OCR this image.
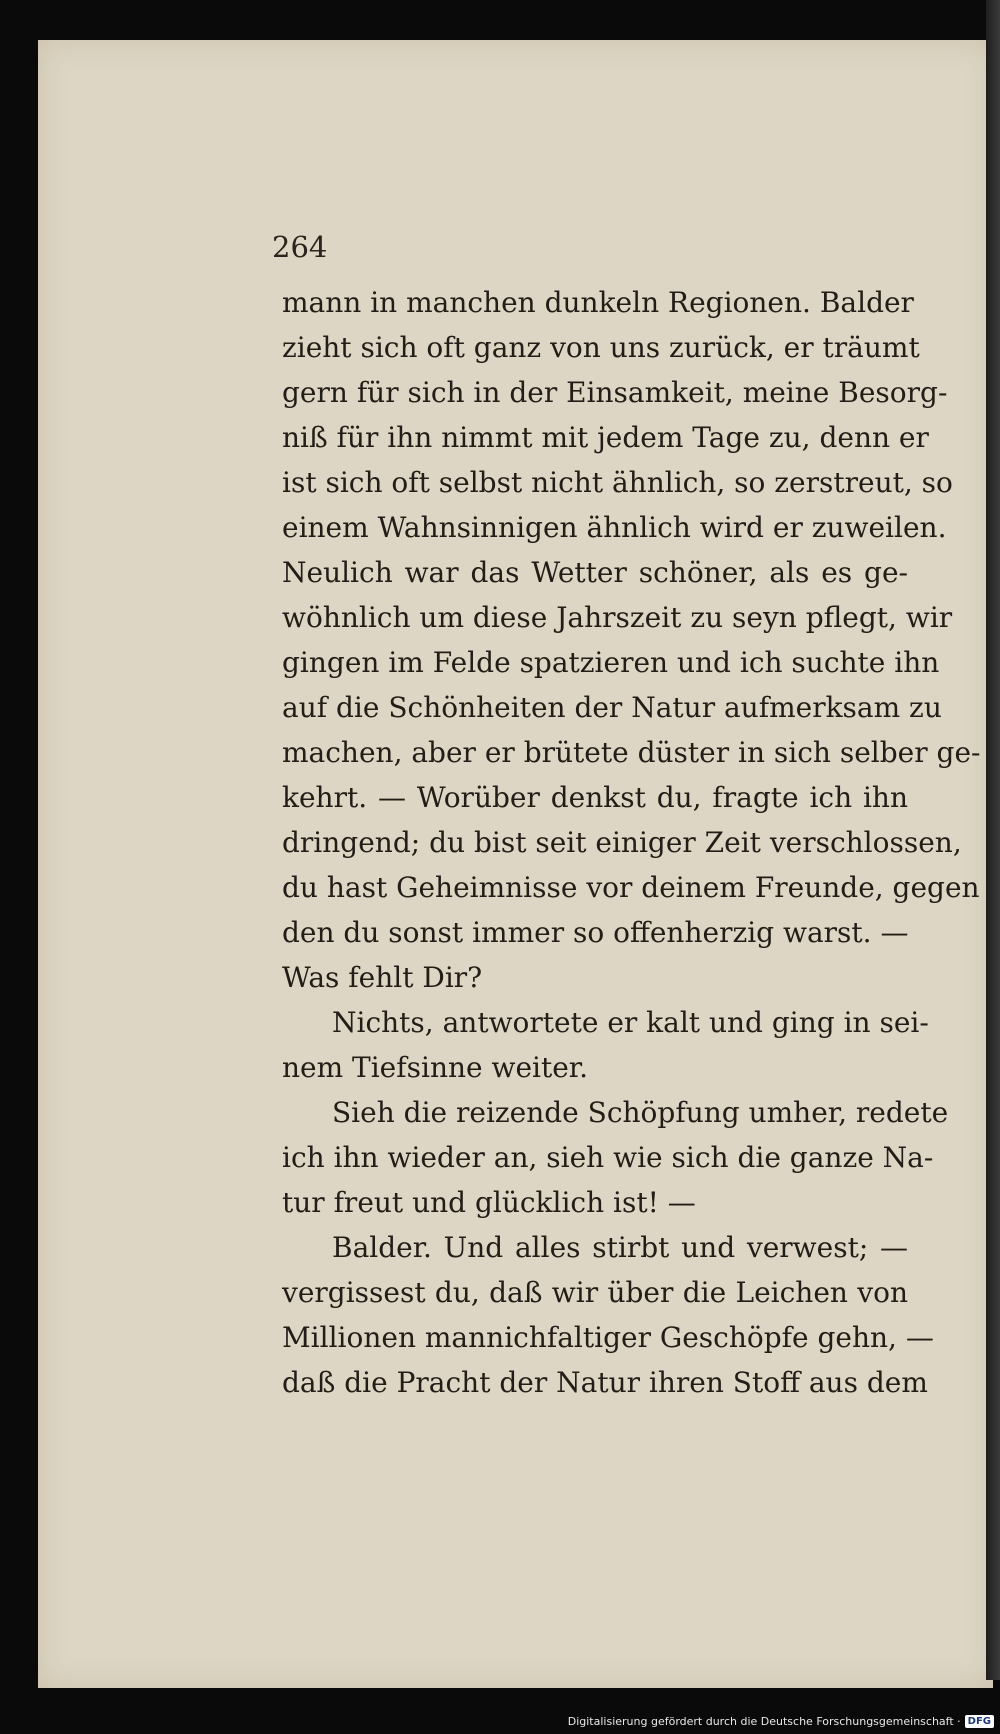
264
mann in manchen dunkeln Regionen. Balder
zieht sich oft ganz von uns zurück, er träumt
gern für sich in der Einsamkeit, meine Besorg-
niß für ihn nimmt mit jedem Tage zu, denn er
ist sich oft selbst nicht ähnlich, so zerstreut, so
einem Wahnsinnigen ähnlich wird er zuweilen.
Neulich war das Wetter schöner, als es ge-
wöhnlich um diese Jahrszeit zu seyn pflegt, wir
gingen im Felde spatzieren und ich suchte ihn
auf die Schönheiten der Natur aufmerksam zu
machen, aber er brütete düster in sich selber ge-
kehrt. — Worüber denkst du, fragte ich ihn
dringend; du bist seit einiger Zeit verschlossen,
du hast Geheimnisse vor deinem Freunde, gegen
den du sonst immer so offenherzig warst. —
Was fehlt Dir?
Nichts, antwortete er kalt und ging in sei-
nem Tiefsinne weiter.
Sieh die reizende Schöpfung umher, redete
ich ihn wieder an, sieh wie sich die ganze Na-
tur freut und glücklich ist! —
Balder. Und alles stirbt und verwest; —
vergissest du, daß wir über die Leichen von
Millionen mannichfaltiger Geschöpfe gehn, —
daß die Pracht der Natur ihren Stoff aus dem
Digitalisierung gefördert durch die Deutsche Forschungsgemeinschaft · DFG
